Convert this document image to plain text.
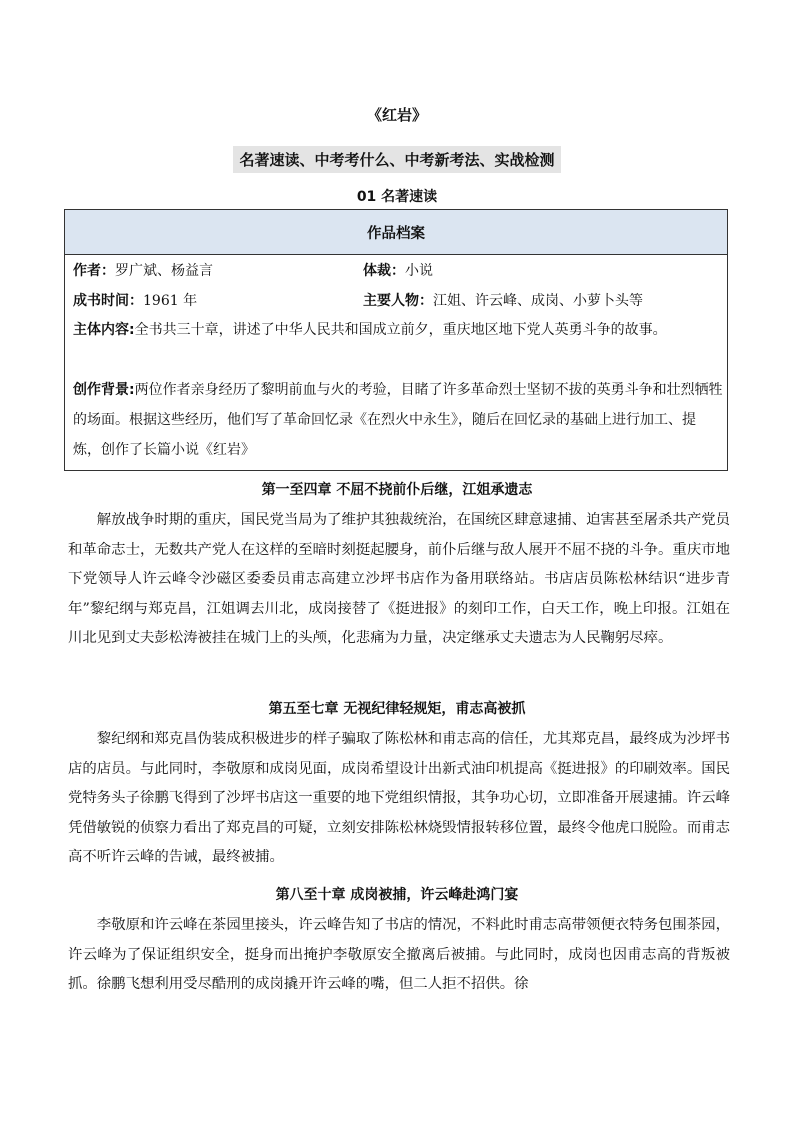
《红岩》
名著速读、中考考什么、中考新考法、实战检测
01 名著速读
作品档案
作者：罗广斌、杨益言	体裁：小说
成书时间：1961 年	主要人物：江姐、许云峰、成岗、小萝卜头等
主体内容:全书共三十章，讲述了中华人民共和国成立前夕，重庆地区地下党人英勇斗争的故事。
创作背景:两位作者亲身经历了黎明前血与火的考验，目睹了许多革命烈士坚韧不拔的英勇斗争和壮烈牺牲的场面。根据这些经历，他们写了革命回忆录《在烈火中永生》，随后在回忆录的基础上进行加工、提炼，创作了长篇小说《红岩》
第一至四章 不屈不挠前仆后继，江姐承遗志
解放战争时期的重庆，国民党当局为了维护其独裁统治，在国统区肆意逮捕、迫害甚至屠杀共产党员和革命志士，无数共产党人在这样的至暗时刻挺起腰身，前仆后继与敌人展开不屈不挠的斗争。重庆市地下党领导人许云峰令沙磁区委委员甫志高建立沙坪书店作为备用联络站。书店店员陈松林结识“进步青年”黎纪纲与郑克昌，江姐调去川北，成岗接替了《挺进报》的刻印工作，白天工作，晚上印报。江姐在川北见到丈夫彭松涛被挂在城门上的头颅，化悲痛为力量，决定继承丈夫遗志为人民鞠躬尽瘁。
第五至七章 无视纪律轻规矩，甫志高被抓
黎纪纲和郑克昌伪装成积极进步的样子骗取了陈松林和甫志高的信任，尤其郑克昌，最终成为沙坪书店的店员。与此同时，李敬原和成岗见面，成岗希望设计出新式油印机提高《挺进报》的印刷效率。国民党特务头子徐鹏飞得到了沙坪书店这一重要的地下党组织情报，其争功心切，立即准备开展逮捕。许云峰凭借敏锐的侦察力看出了郑克昌的可疑，立刻安排陈松林烧毁情报转移位置，最终令他虎口脱险。而甫志高不听许云峰的告诫，最终被捕。
第八至十章 成岗被捕，许云峰赴鸿门宴
李敬原和许云峰在茶园里接头，许云峰告知了书店的情况，不料此时甫志高带领便衣特务包围茶园，许云峰为了保证组织安全，挺身而出掩护李敬原安全撤离后被捕。与此同时，成岗也因甫志高的背叛被抓。徐鹏飞想利用受尽酷刑的成岗撬开许云峰的嘴，但二人拒不招供。徐
